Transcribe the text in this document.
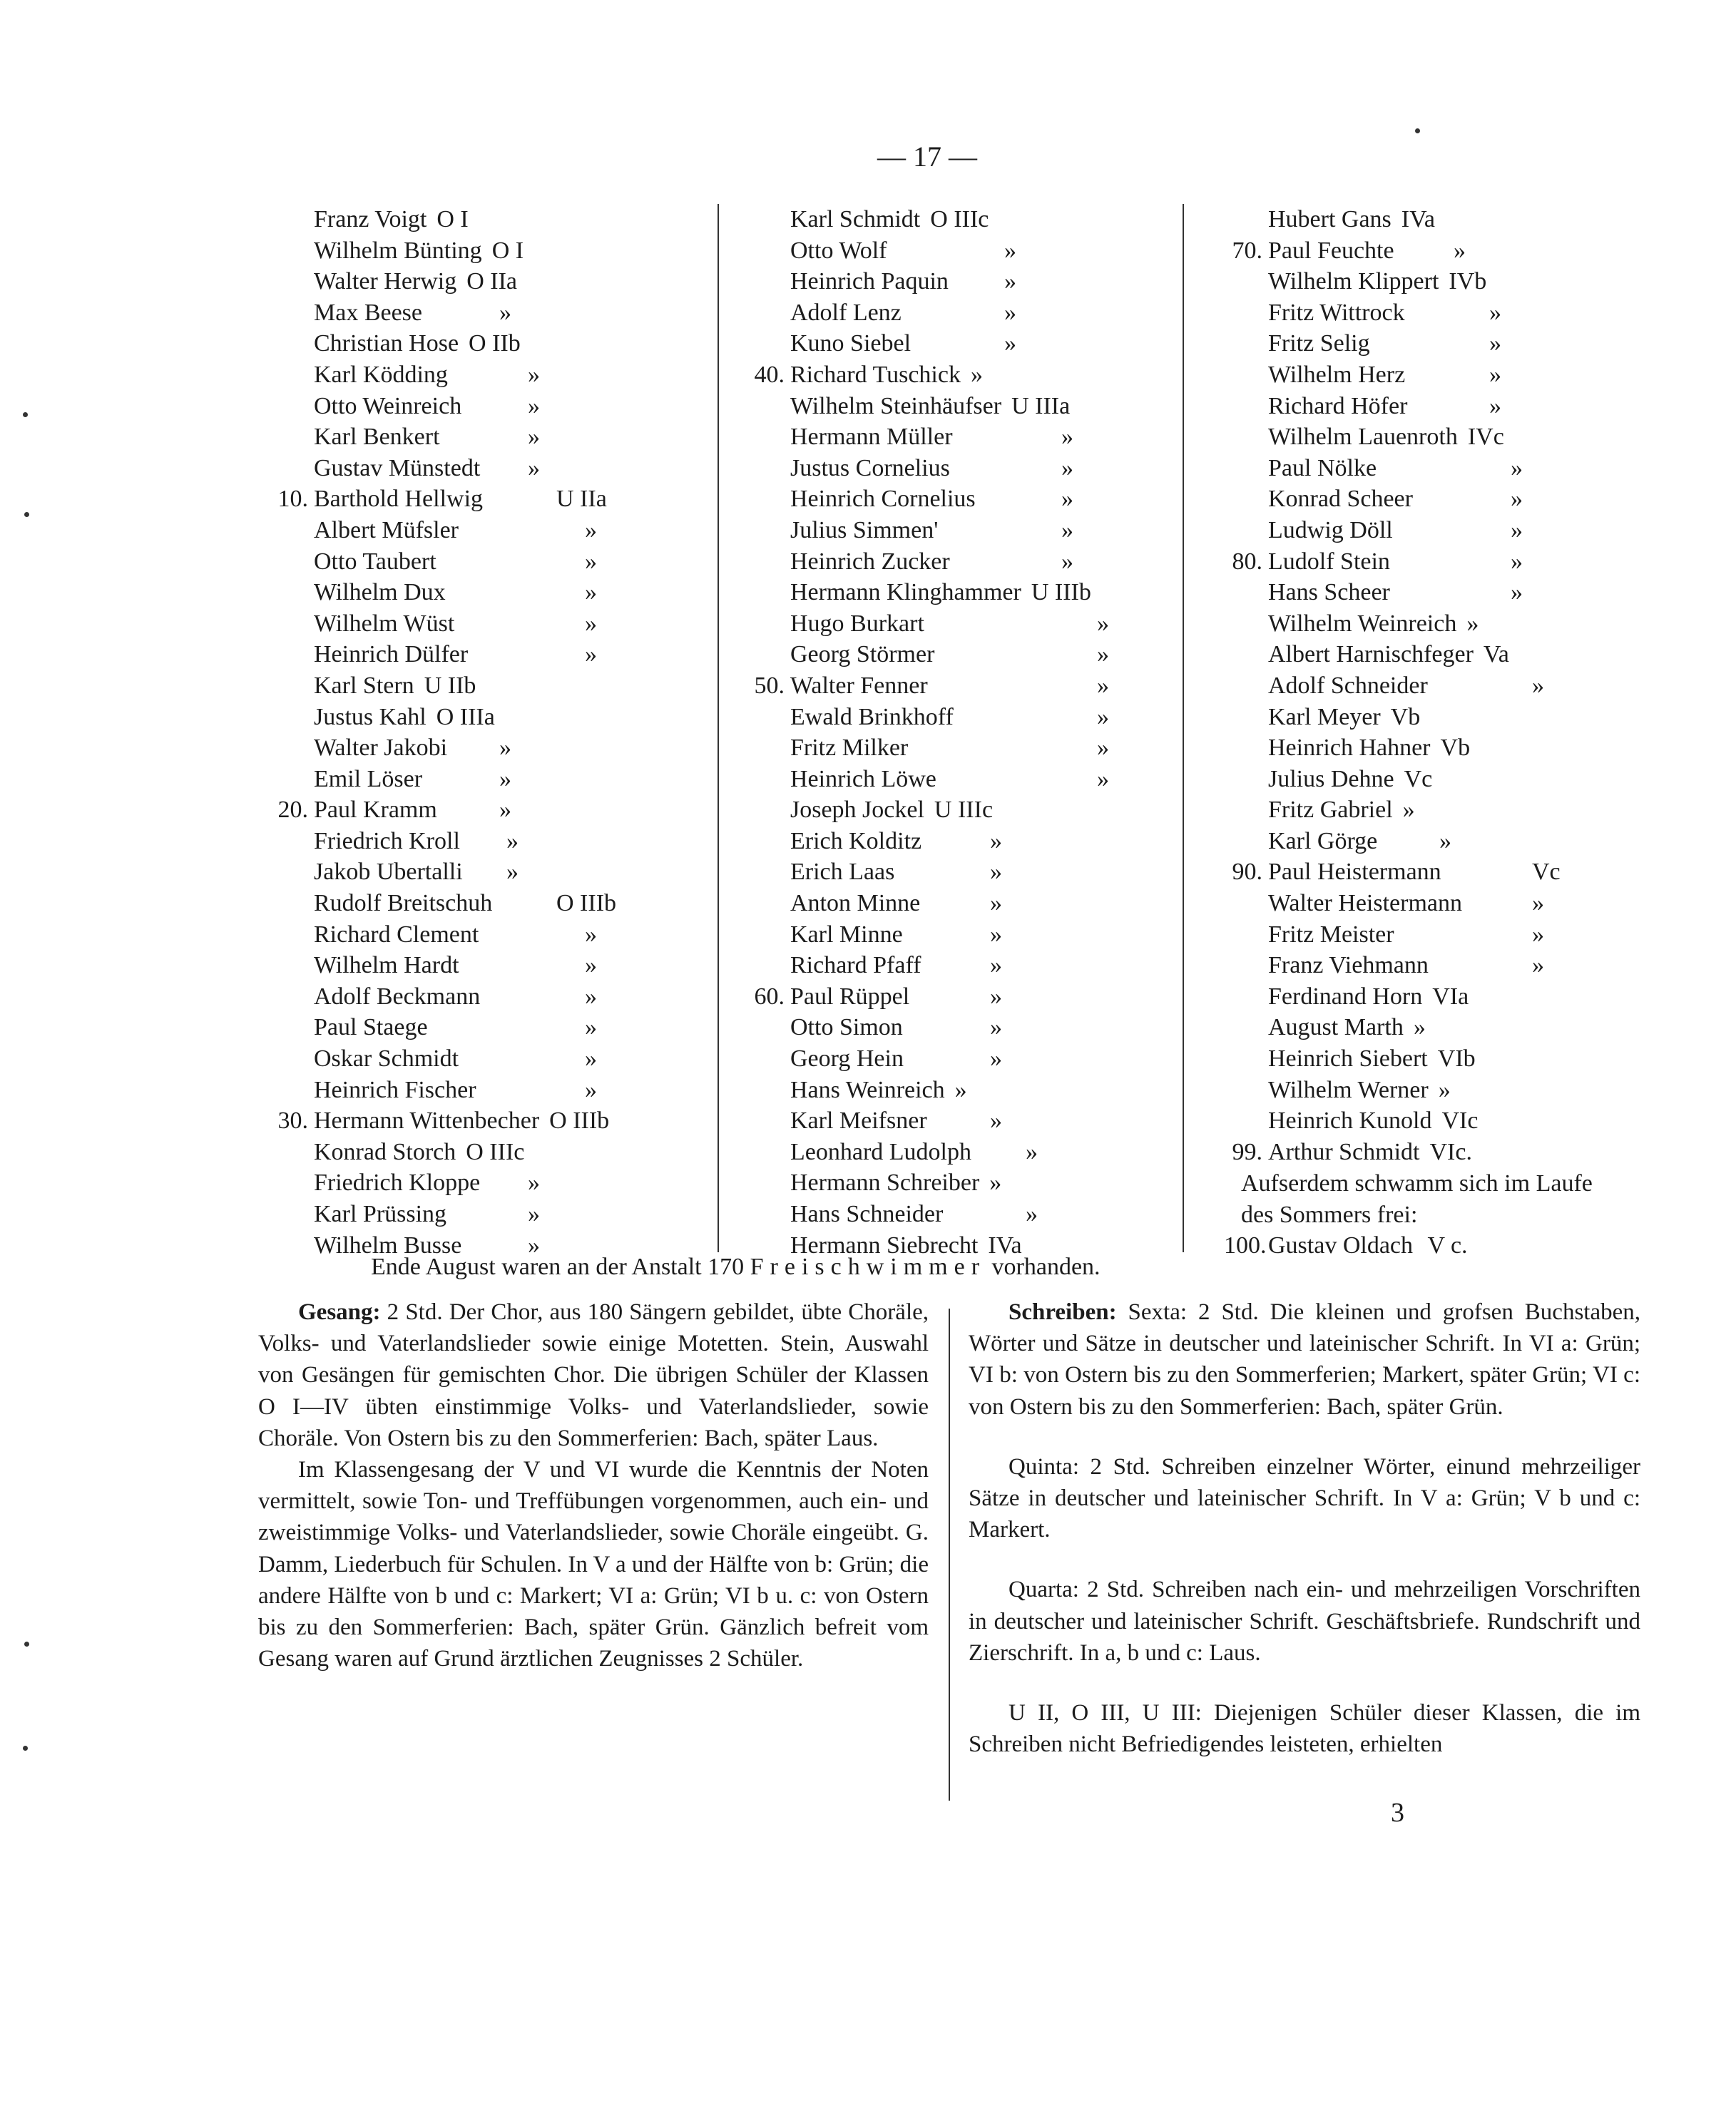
— 17 —
Franz Voigt O I
Wilhelm Bünting O I
Walter Herwig O IIa
Max Beese	»
Christian Hose O IIb
Karl Ködding	»
Otto Weinreich	»
Karl Benkert	»
Gustav Münstedt »
10. Barthold Hellwig	U IIa
Albert Müfsler	»
Otto Taubert	»
Wilhelm Dux	»
Wilhelm Wüst	»
Heinrich Dülfer	»
Karl Stern U IIb
Justus Kahl O IIIa
Walter Jakobi »
Emil Löser	»
20. Paul Kramm	»
Friedrich Kroll »
Jakob Ubertalli »
Rudolf Breitschuh	O IIIb
Richard Clement	»
Wilhelm Hardt	»
Adolf Beckmann	»
Paul Staege	»
Oskar Schmidt	»
Heinrich Fischer	»
30. Hermann Wittenbecher O IIIb
Konrad Storch O IIIc
Friedrich Kloppe »
Karl Prüssing	»
Wilhelm Busse	»
Karl Schmidt O IIIc
Otto Wolf	»
Heinrich Paquin »
Adolf Lenz	»
Kuno Siebel	»
40. Richard Tuschick »
Wilhelm Steinhäufser U IIIa
Hermann Müller	»
Justus Cornelius	»
Heinrich Cornelius	»
Julius Simmen'	»
Heinrich Zucker	»
Hermann Klinghammer U IIIb
Hugo Burkart	»
Georg Störmer	»
50. Walter Fenner	»
Ewald Brinkhoff	»
Fritz Milker	»
Heinrich Löwe	»
Joseph Jockel U IIIc
Erich Kolditz	»
Erich Laas	»
Anton Minne	»
Karl Minne	»
Richard Pfaff	»
60. Paul Rüppel	»
Otto Simon	»
Georg Hein	»
Hans Weinreich »
Karl Meifsner	»
Leonhard Ludolph »
Hermann Schreiber »
Hans Schneider	»
Hermann Siebrecht IVa
Hubert Gans IVa
70. Paul Feuchte »
Wilhelm Klippert IVb
Fritz Wittrock	»
Fritz Selig	»
Wilhelm Herz	»
Richard Höfer	»
Wilhelm Lauenroth IVc
Paul Nölke	»
Konrad Scheer	»
Ludwig Döll	»
80. Ludolf Stein	»
Hans Scheer	»
Wilhelm Weinreich »
Albert Harnischfeger Va
Adolf Schneider	»
Karl Meyer Vb
Heinrich Hahner Vb
Julius Dehne Vc
Fritz Gabriel »
Karl Görge	»
90. Paul Heistermann	Vc
Walter Heistermann	»
Fritz Meister	»
Franz Viehmann	»
Ferdinand Horn VIa
August Marth »
Heinrich Siebert VIb
Wilhelm Werner »
Heinrich Kunold VIc
99. Arthur Schmidt VIc.
Aufserdem schwamm sich im Laufe
des Sommers frei:
100. Gustav Oldach V c.
Ende August waren an der Anstalt 170 Freischwimmer vorhanden.

Gesang: 2 Std. Der Chor, aus 180 Sängern gebildet, übte Choräle, Volks- und Vaterlandslieder sowie einige Motetten. Stein, Auswahl von Gesängen für gemischten Chor. Die übrigen Schüler der Klassen O I—IV übten einstimmige Volks- und Vaterlandslieder, sowie Choräle. Von Ostern bis zu den Sommerferien: Bach, später Laus.

Im Klassengesang der V und VI wurde die Kenntnis der Noten vermittelt, sowie Ton- und Treffübungen vorgenommen, auch ein- und zweistimmige Volks- und Vaterlandslieder, sowie Choräle eingeübt. G. Damm, Liederbuch für Schulen. In V a und der Hälfte von b: Grün; die andere Hälfte von b und c: Markert; VI a: Grün; VI b u. c: von Ostern bis zu den Sommerferien: Bach, später Grün. Gänzlich befreit vom Gesang waren auf Grund ärztlichen Zeugnisses 2 Schüler.

Schreiben: Sexta: 2 Std. Die kleinen und grofsen Buchstaben, Wörter und Sätze in deutscher und lateinischer Schrift. In VI a: Grün; VI b: von Ostern bis zu den Sommerferien; Markert, später Grün; VI c: von Ostern bis zu den Sommerferien: Bach, später Grün.

Quinta: 2 Std. Schreiben einzelner Wörter, einund mehrzeiliger Sätze in deutscher und lateinischer Schrift. In V a: Grün; V b und c: Markert.

Quarta: 2 Std. Schreiben nach ein- und mehrzeiligen Vorschriften in deutscher und lateinischer Schrift. Geschäftsbriefe. Rundschrift und Zierschrift. In a, b und c: Laus.

U II, O III, U III: Diejenigen Schüler dieser Klassen, die im Schreiben nicht Befriedigendes leisteten, erhielten

3
